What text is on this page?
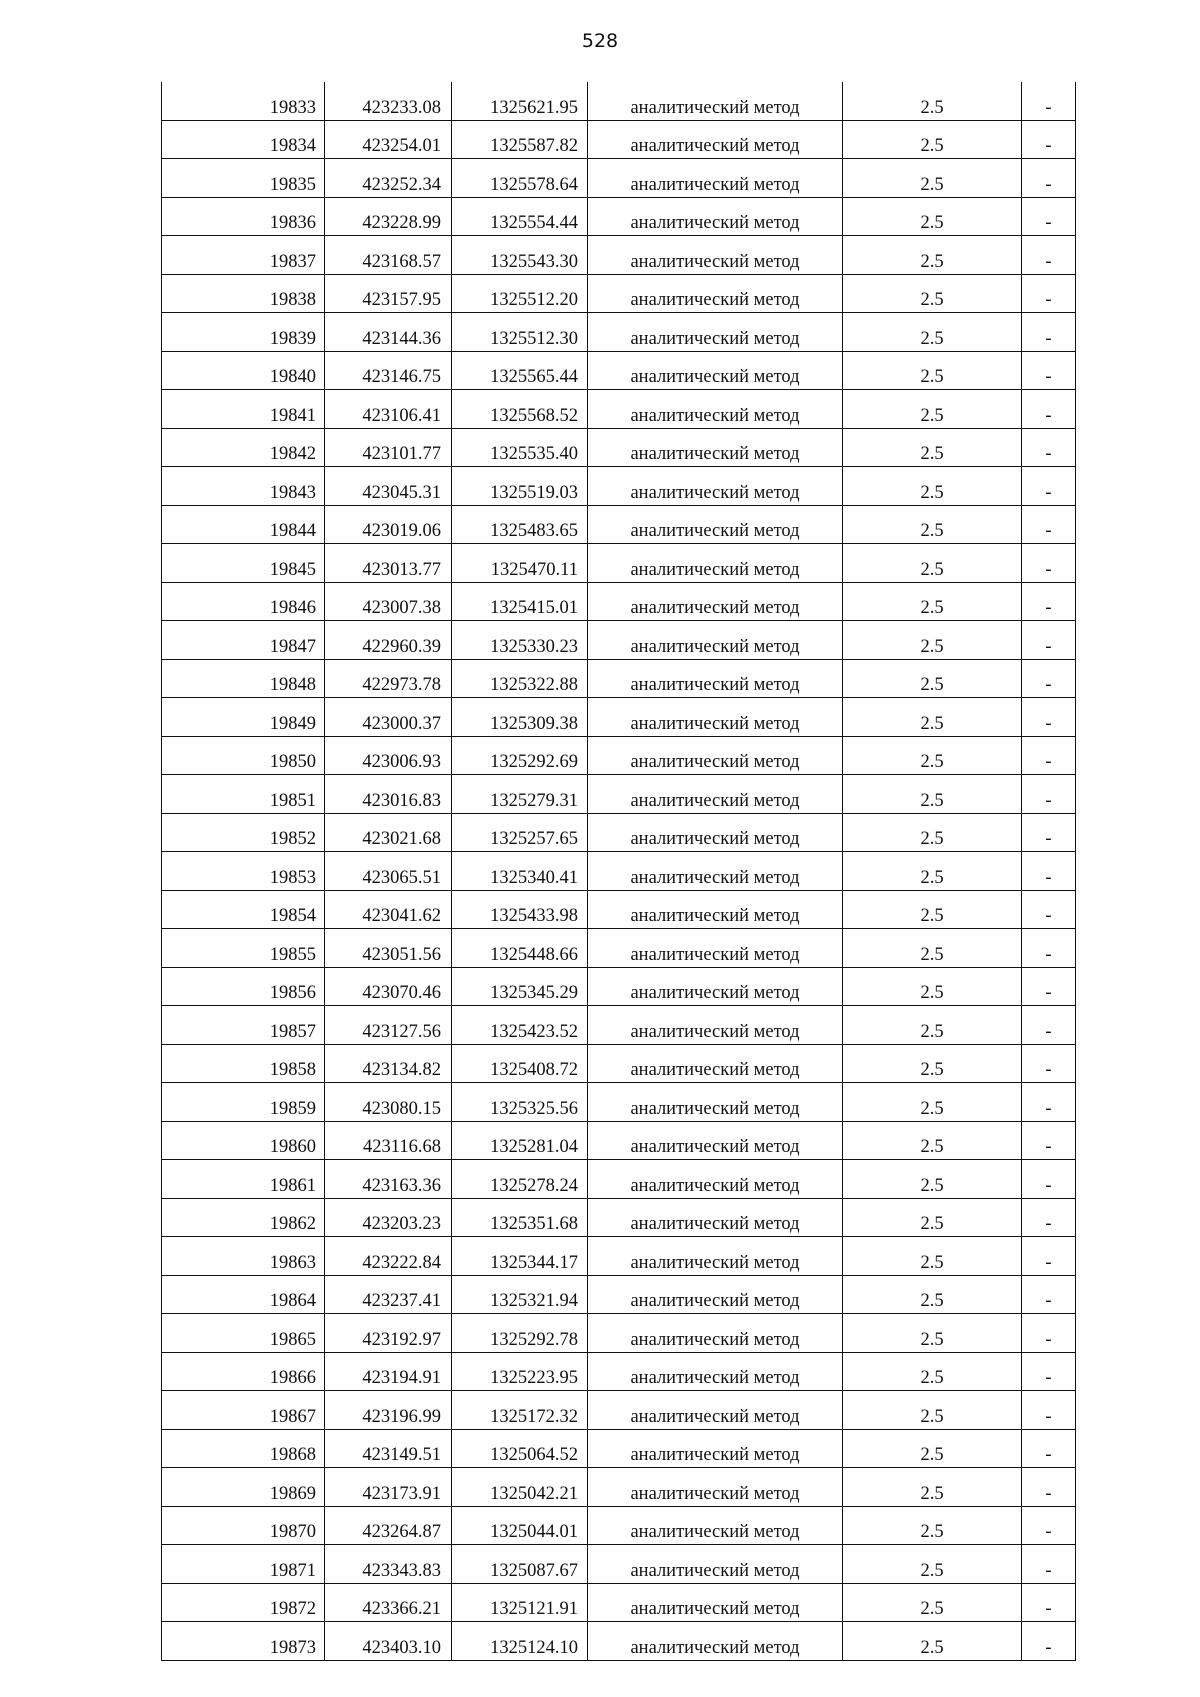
528
19833	423233.08	1325621.95	аналитический метод	2.5	-
19834	423254.01	1325587.82	аналитический метод	2.5	-
19835	423252.34	1325578.64	аналитический метод	2.5	-
19836	423228.99	1325554.44	аналитический метод	2.5	-
19837	423168.57	1325543.30	аналитический метод	2.5	-
19838	423157.95	1325512.20	аналитический метод	2.5	-
19839	423144.36	1325512.30	аналитический метод	2.5	-
19840	423146.75	1325565.44	аналитический метод	2.5	-
19841	423106.41	1325568.52	аналитический метод	2.5	-
19842	423101.77	1325535.40	аналитический метод	2.5	-
19843	423045.31	1325519.03	аналитический метод	2.5	-
19844	423019.06	1325483.65	аналитический метод	2.5	-
19845	423013.77	1325470.11	аналитический метод	2.5	-
19846	423007.38	1325415.01	аналитический метод	2.5	-
19847	422960.39	1325330.23	аналитический метод	2.5	-
19848	422973.78	1325322.88	аналитический метод	2.5	-
19849	423000.37	1325309.38	аналитический метод	2.5	-
19850	423006.93	1325292.69	аналитический метод	2.5	-
19851	423016.83	1325279.31	аналитический метод	2.5	-
19852	423021.68	1325257.65	аналитический метод	2.5	-
19853	423065.51	1325340.41	аналитический метод	2.5	-
19854	423041.62	1325433.98	аналитический метод	2.5	-
19855	423051.56	1325448.66	аналитический метод	2.5	-
19856	423070.46	1325345.29	аналитический метод	2.5	-
19857	423127.56	1325423.52	аналитический метод	2.5	-
19858	423134.82	1325408.72	аналитический метод	2.5	-
19859	423080.15	1325325.56	аналитический метод	2.5	-
19860	423116.68	1325281.04	аналитический метод	2.5	-
19861	423163.36	1325278.24	аналитический метод	2.5	-
19862	423203.23	1325351.68	аналитический метод	2.5	-
19863	423222.84	1325344.17	аналитический метод	2.5	-
19864	423237.41	1325321.94	аналитический метод	2.5	-
19865	423192.97	1325292.78	аналитический метод	2.5	-
19866	423194.91	1325223.95	аналитический метод	2.5	-
19867	423196.99	1325172.32	аналитический метод	2.5	-
19868	423149.51	1325064.52	аналитический метод	2.5	-
19869	423173.91	1325042.21	аналитический метод	2.5	-
19870	423264.87	1325044.01	аналитический метод	2.5	-
19871	423343.83	1325087.67	аналитический метод	2.5	-
19872	423366.21	1325121.91	аналитический метод	2.5	-
19873	423403.10	1325124.10	аналитический метод	2.5	-
